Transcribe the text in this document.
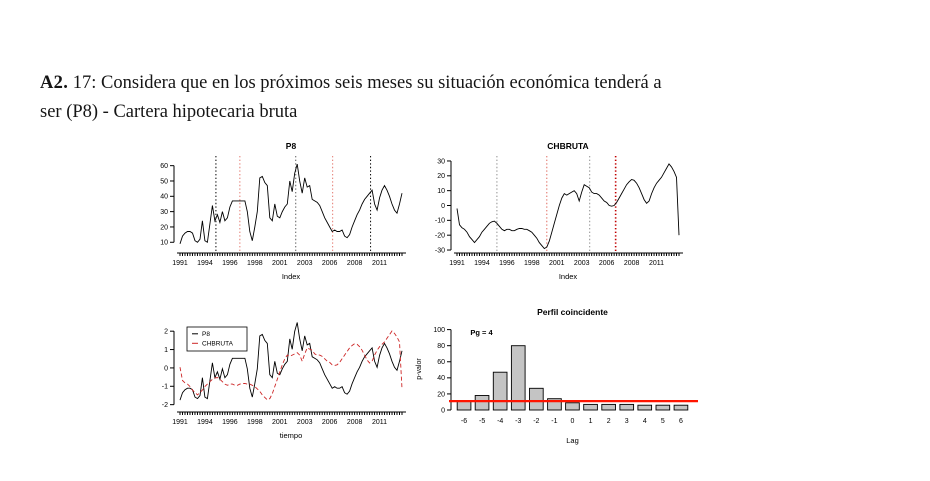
A2. 17: Considera que en los próximos seis meses su situación económica tenderá a
ser (P8) - Cartera hipotecaria bruta

P8
10
20
30
40
50
60
1991 1994 1996 1998 2001 2003 2006 2008 2011
Index
CHBRUTA
-30
-20
-10
0
10
20
30
1991 1994 1996 1998 2001 2003 2006 2008 2011
Index
-2
-1
0
1
2
1991 1994 1996 1998 2001 2003 2006 2008 2011
tiempo
P8
CHBRUTA
Perfil coincidente
0
20
40
60
80
100
p-valor
-6 -5 -4 -3 -2 -1 0 1 2 3 4 5 6
Lag
Pg = 4
